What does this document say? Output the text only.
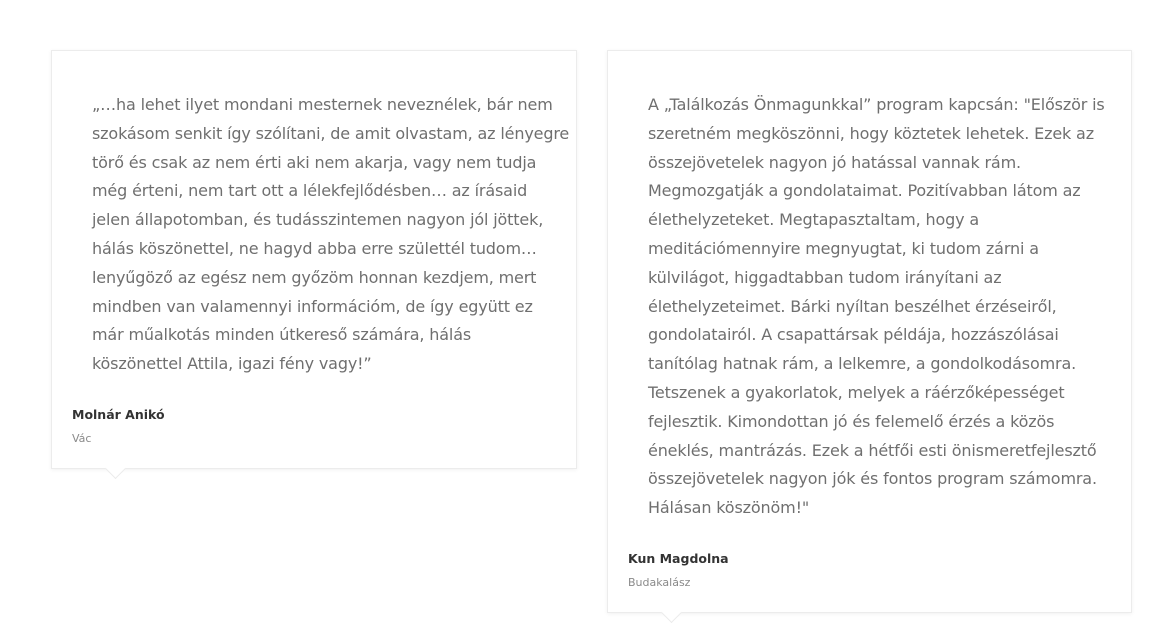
„…ha lehet ilyet mondani mesternek neveznélek, bár nem
szokásom senkit így szólítani, de amit olvastam, az lényegre
törő és csak az nem érti aki nem akarja, vagy nem tudja
még érteni, nem tart ott a lélekfejlődésben… az írásaid
jelen állapotomban, és tudásszintemen nagyon jól jöttek,
hálás köszönettel, ne hagyd abba erre születtél tudom…
lenyűgöző az egész nem győzöm honnan kezdjem, mert
mindben van valamennyi információm, de így együtt ez
már műalkotás minden útkereső számára, hálás
köszönettel Attila, igazi fény vagy!”

Molnár Anikó

Vác

A „Találkozás Önmagunkkal” program kapcsán: "Először is
szeretném megköszönni, hogy köztetek lehetek. Ezek az
összejövetelek nagyon jó hatással vannak rám.
Megmozgatják a gondolataimat. Pozitívabban látom az
élethelyzeteket. Megtapasztaltam, hogy a
meditációmennyire megnyugtat, ki tudom zárni a
külvilágot, higgadtabban tudom irányítani az
élethelyzeteimet. Bárki nyíltan beszélhet érzéseiről,
gondolatairól. A csapattársak példája, hozzászólásai
tanítólag hatnak rám, a lelkemre, a gondolkodásomra.
Tetszenek a gyakorlatok, melyek a ráérzőképességet
fejlesztik. Kimondottan jó és felemelő érzés a közös
éneklés, mantrázás. Ezek a hétfői esti önismeretfejlesztő
összejövetelek nagyon jók és fontos program számomra.
Hálásan köszönöm!"

Kun Magdolna

Budakalász
